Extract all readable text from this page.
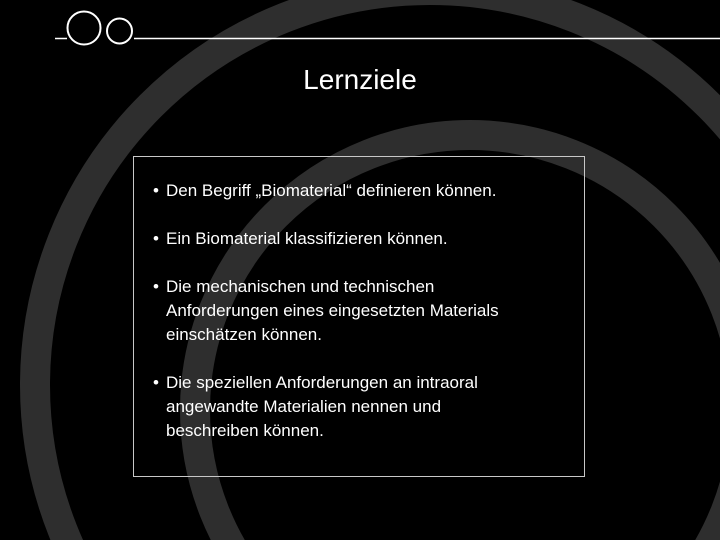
Lernziele
• Den Begriff „Biomaterial“ definieren können.
• Ein Biomaterial klassifizieren können.
• Die mechanischen und technischen
Anforderungen eines eingesetzten Materials
einschätzen können.
• Die speziellen Anforderungen an intraoral
angewandte Materialien nennen und
beschreiben können.
